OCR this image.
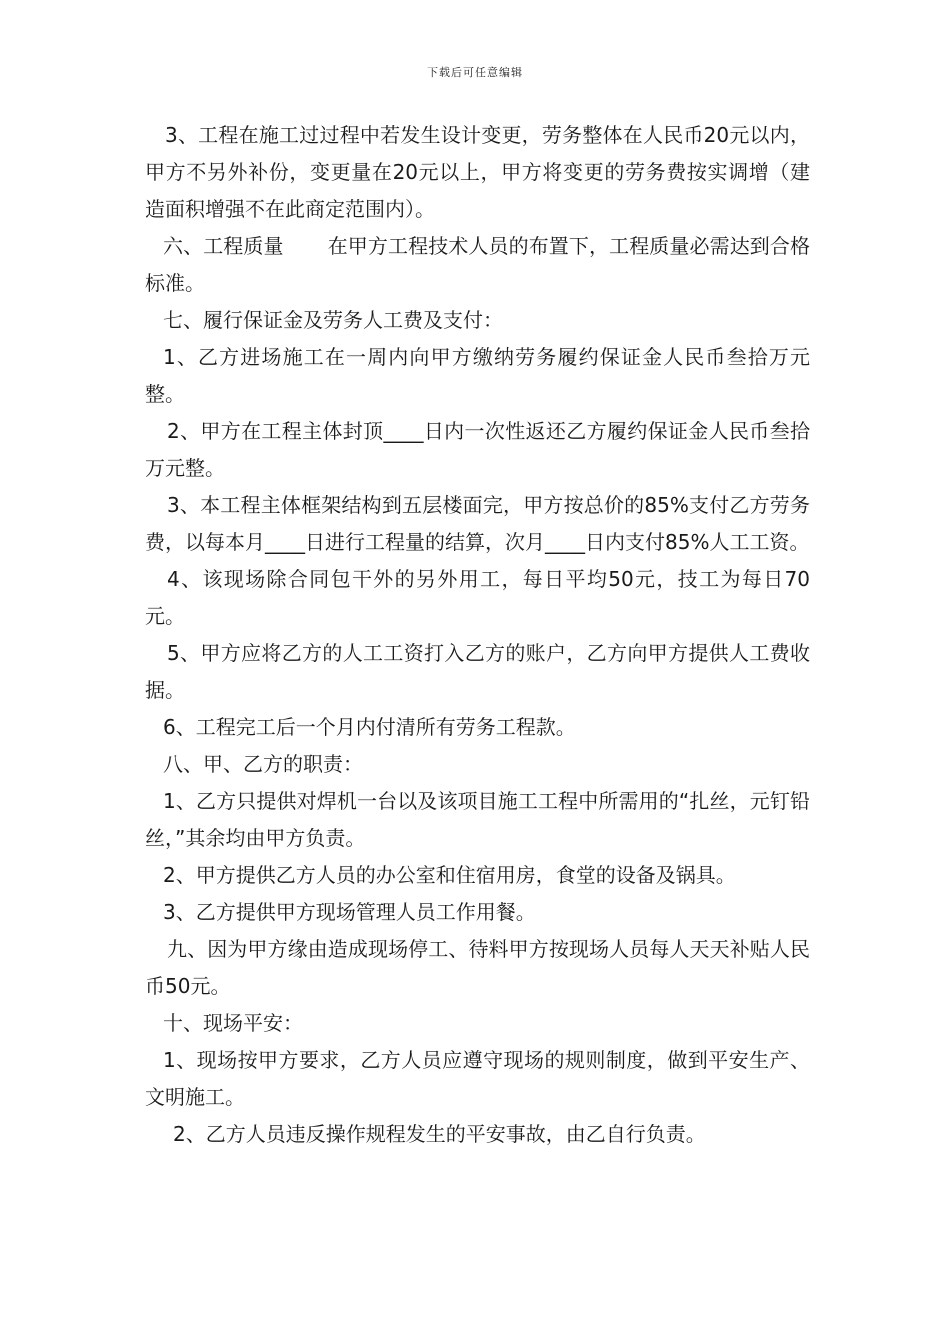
下载后可任意编辑

3、工程在施工过过程中若发生设计变更，劳务整体在人民币20元以内，甲方不另外补份，变更量在20元以上，甲方将变更的劳务费按实调增（建造面积增强不在此商定范围内）。

六、工程质量 在甲方工程技术人员的布置下，工程质量必需达到合格标准。

七、履行保证金及劳务人工费及支付：

1、乙方进场施工在一周内向甲方缴纳劳务履约保证金人民币叁拾万元整。

2、甲方在工程主体封顶____日内一次性返还乙方履约保证金人民币叁拾万元整。

3、本工程主体框架结构到五层楼面完，甲方按总价的85%支付乙方劳务费，以每本月____日进行工程量的结算，次月____日内支付85%人工工资。

4、该现场除合同包干外的另外用工，每日平均50元，技工为每日70元。

5、甲方应将乙方的人工工资打入乙方的账户，乙方向甲方提供人工费收据。

6、工程完工后一个月内付清所有劳务工程款。

八、甲、乙方的职责：

1、乙方只提供对焊机一台以及该项目施工工程中所需用的“扎丝，元钉铅丝，”其余均由甲方负责。

2、甲方提供乙方人员的办公室和住宿用房，食堂的设备及锅具。

3、乙方提供甲方现场管理人员工作用餐。

九、因为甲方缘由造成现场停工、待料甲方按现场人员每人天天补贴人民币50元。

十、现场平安：

1、现场按甲方要求，乙方人员应遵守现场的规则制度，做到平安生产、文明施工。

2、乙方人员违反操作规程发生的平安事故，由乙自行负责。
